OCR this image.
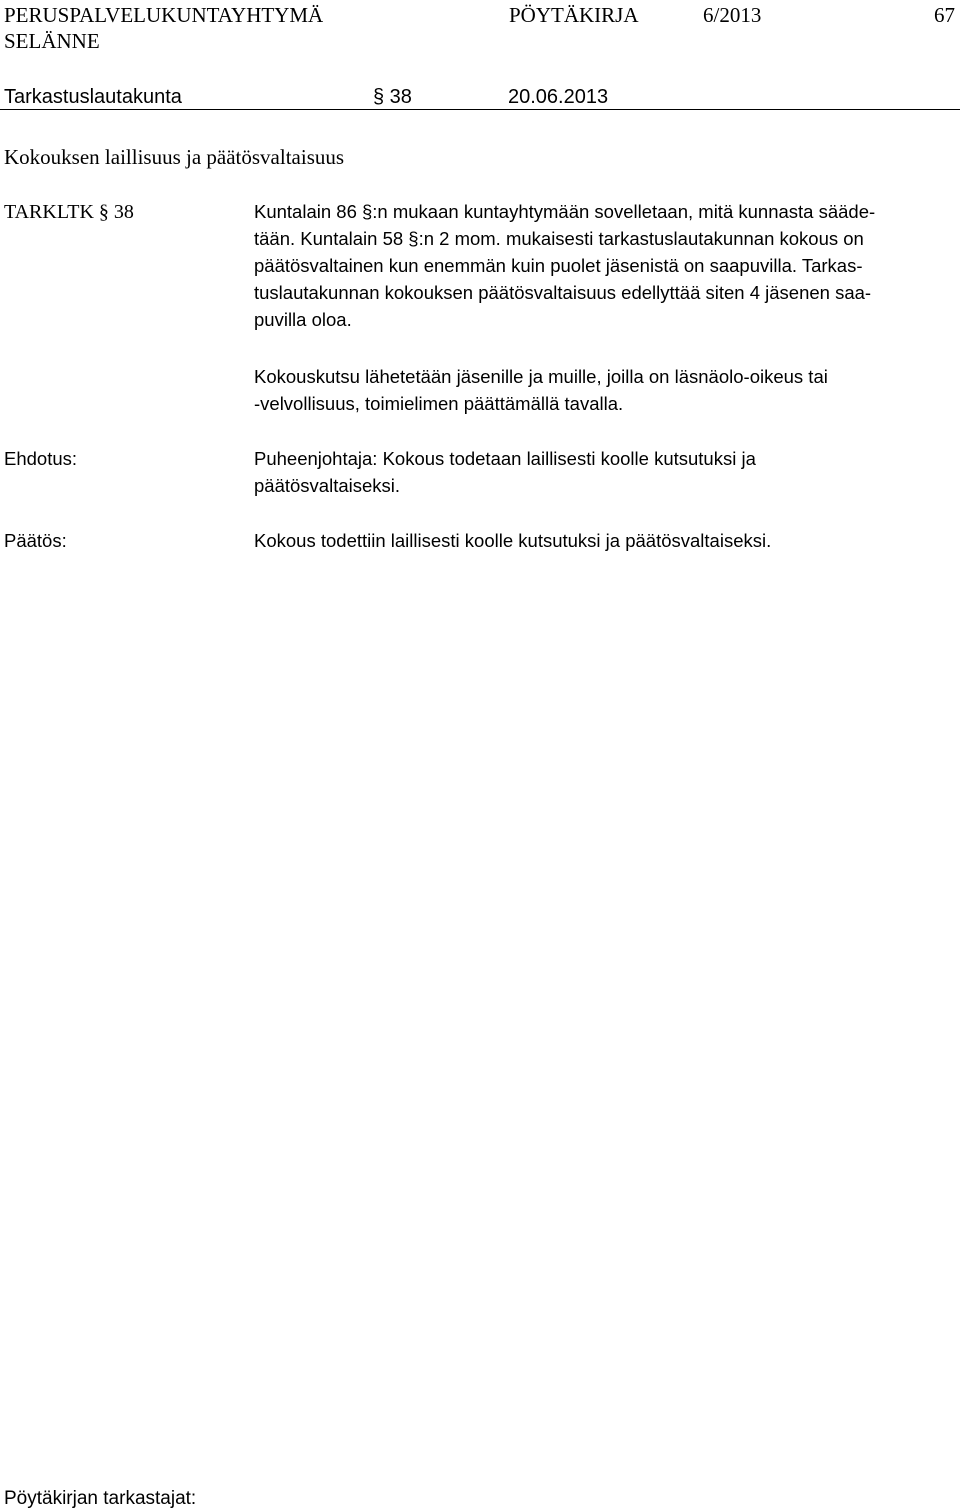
PERUSPALVELUKUNTAYHTYMÄ
SELÄNNE
PÖYTÄKIRJA	6/2013	67
Tarkastuslautakunta	§ 38	20.06.2013
Kokouksen laillisuus ja päätösvaltaisuus
TARKLTK § 38	Kuntalain 86 §:n mukaan kuntayhtymään sovelletaan, mitä kunnasta sääde-
tään. Kuntalain 58 §:n 2 mom. mukaisesti tarkastuslautakunnan kokous on
päätösvaltainen kun enemmän kuin puolet jäsenistä on saapuvilla. Tarkas-
tuslautakunnan kokouksen päätösvaltaisuus edellyttää siten 4 jäsenen saa-
puvilla oloa.
Kokouskutsu lähetetään jäsenille ja muille, joilla on läsnäolo-oikeus tai
-velvollisuus, toimielimen päättämällä tavalla.
Ehdotus:	Puheenjohtaja: Kokous todetaan laillisesti koolle kutsutuksi ja
päätösvaltaiseksi.
Päätös:	Kokous todettiin laillisesti koolle kutsutuksi ja päätösvaltaiseksi.
Pöytäkirjan tarkastajat:
